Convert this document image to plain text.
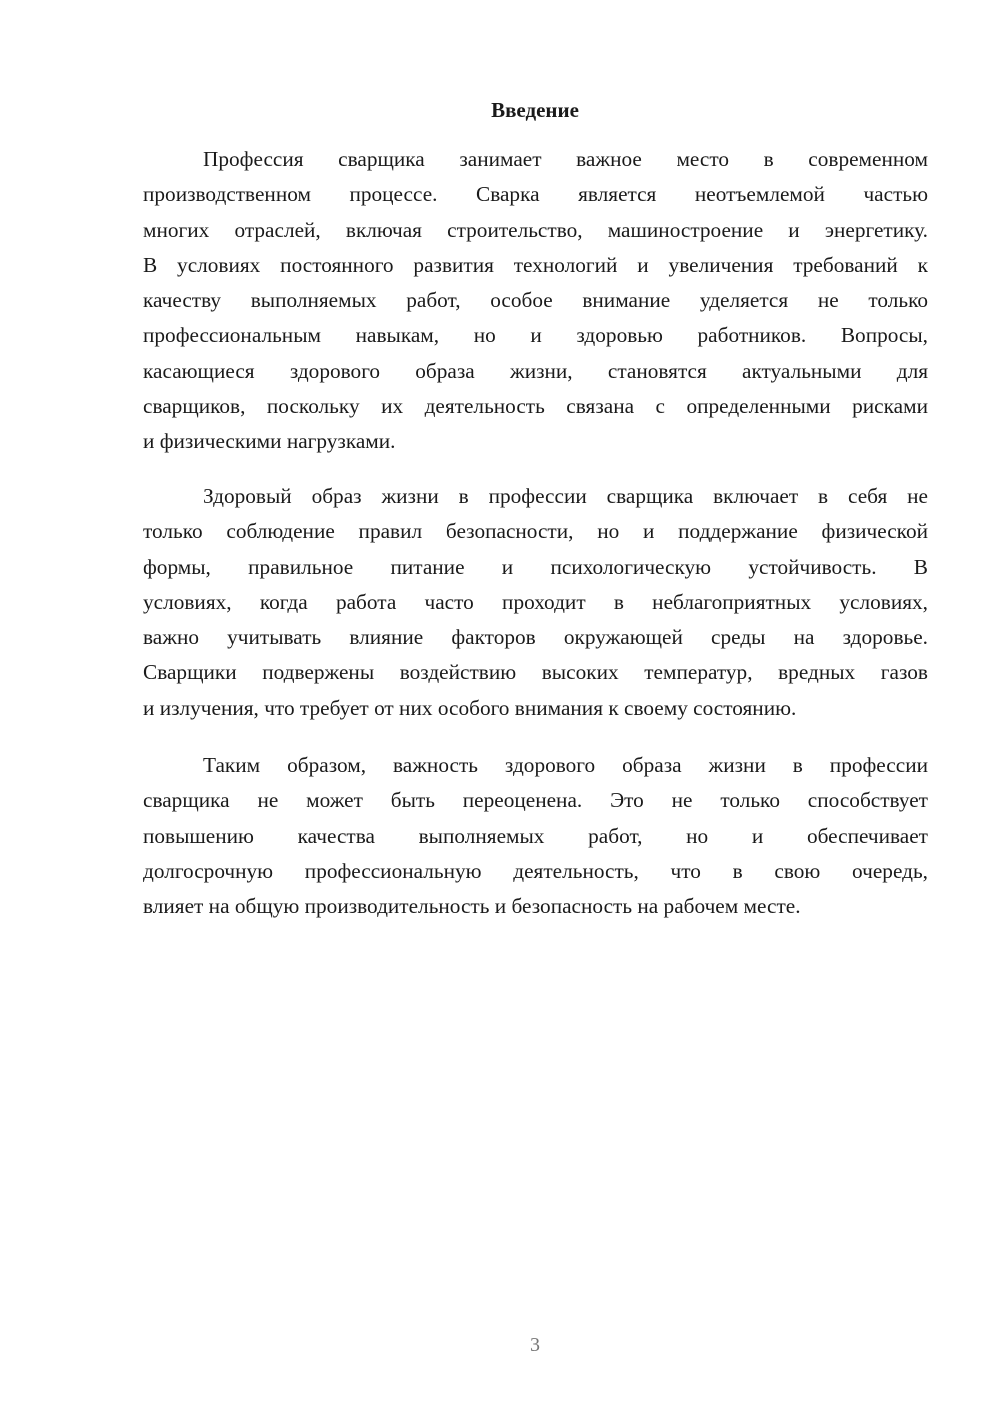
Введение
Профессия сварщика занимает важное место в современном
производственном процессе. Сварка является неотъемлемой частью
многих отраслей, включая строительство, машиностроение и энергетику.
В условиях постоянного развития технологий и увеличения требований к
качеству выполняемых работ, особое внимание уделяется не только
профессиональным навыкам, но и здоровью работников. Вопросы,
касающиеся здорового образа жизни, становятся актуальными для
сварщиков, поскольку их деятельность связана с определенными рисками
и физическими нагрузками.
Здоровый образ жизни в профессии сварщика включает в себя не
только соблюдение правил безопасности, но и поддержание физической
формы, правильное питание и психологическую устойчивость. В
условиях, когда работа часто проходит в неблагоприятных условиях,
важно учитывать влияние факторов окружающей среды на здоровье.
Сварщики подвержены воздействию высоких температур, вредных газов
и излучения, что требует от них особого внимания к своему состоянию.
Таким образом, важность здорового образа жизни в профессии
сварщика не может быть переоценена. Это не только способствует
повышению качества выполняемых работ, но и обеспечивает
долгосрочную профессиональную деятельность, что в свою очередь,
влияет на общую производительность и безопасность на рабочем месте.
3
